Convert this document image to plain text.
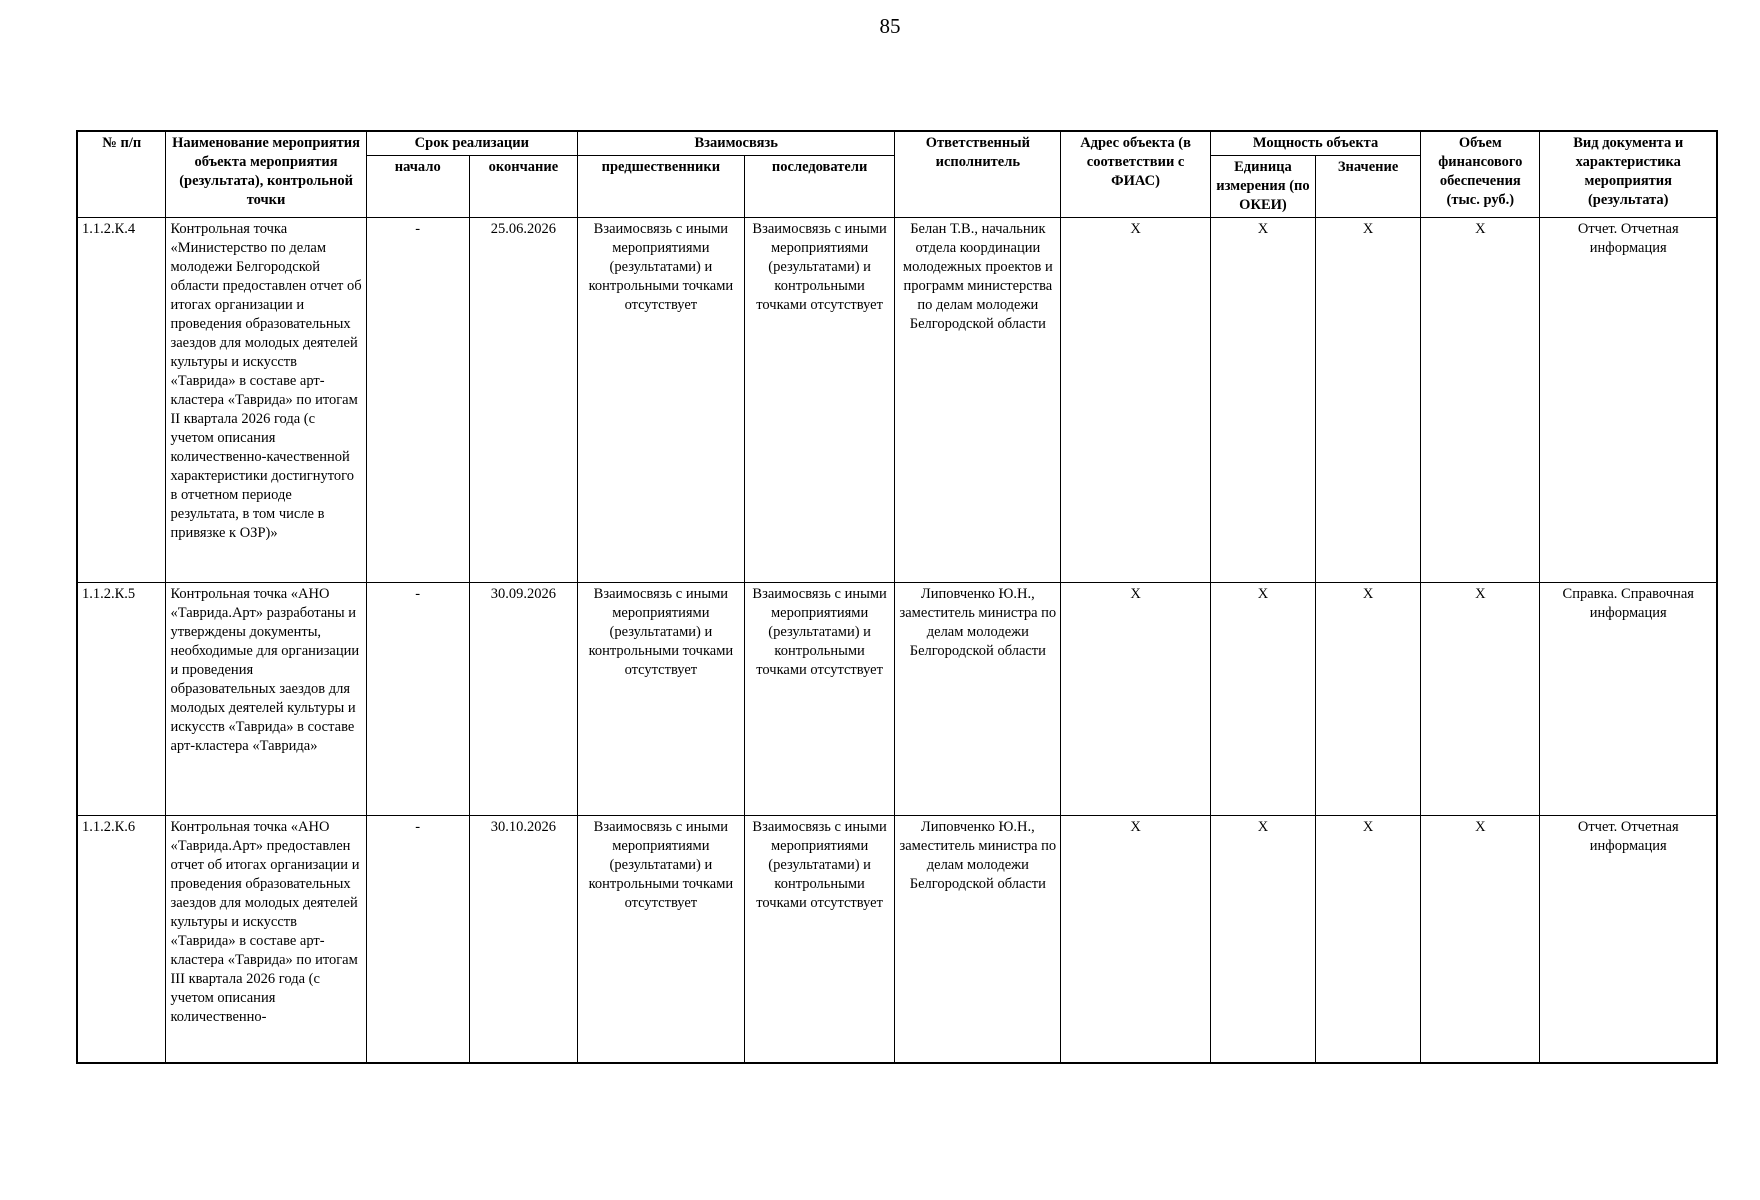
85
№ п/п	Наименование мероприятия объекта мероприятия (результата), контрольной точки	Срок реализации		Взаимосвязь		Ответственный исполнитель	Адрес объекта (в соответствии с ФИАС)	Мощность объекта		Объем финансового обеспечения (тыс. руб.)	Вид документа и характеристика мероприятия (результата)
		начало	окончание	предшественники	последователи			Единица измерения (по ОКЕИ)	Значение		
1.1.2.К.4	Контрольная точка «Министерство по делам молодежи Белгородской области предоставлен отчет об итогах организации и проведения образовательных заездов для молодых деятелей культуры и искусств «Таврида» в составе арт-кластера «Таврида» по итогам II квартала 2026 года (с учетом описания количественно-качественной характеристики достигнутого в отчетном периоде результата, в том числе в привязке к ОЗР)»	-	25.06.2026	Взаимосвязь с иными мероприятиями (результатами) и контрольными точками отсутствует	Взаимосвязь с иными мероприятиями (результатами) и контрольными точками отсутствует	Белан Т.В., начальник отдела координации молодежных проектов и программ министерства по делам молодежи Белгородской области	X	X	X	X	Отчет. Отчетная информация
1.1.2.К.5	Контрольная точка «АНО «Таврида.Арт» разработаны и утверждены документы, необходимые для организации и проведения образовательных заездов для молодых деятелей культуры и искусств «Таврида» в составе арт-кластера «Таврида»	-	30.09.2026	Взаимосвязь с иными мероприятиями (результатами) и контрольными точками отсутствует	Взаимосвязь с иными мероприятиями (результатами) и контрольными точками отсутствует	Липовченко Ю.Н., заместитель министра по делам молодежи Белгородской области	X	X	X	X	Справка. Справочная информация
1.1.2.К.6	Контрольная точка «АНО «Таврида.Арт» предоставлен отчет об итогах организации и проведения образовательных заездов для молодых деятелей культуры и искусств «Таврида» в составе арт-кластера «Таврида» по итогам III квартала 2026 года (с учетом описания количественно-	-	30.10.2026	Взаимосвязь с иными мероприятиями (результатами) и контрольными точками отсутствует	Взаимосвязь с иными мероприятиями (результатами) и контрольными точками отсутствует	Липовченко Ю.Н., заместитель министра по делам молодежи Белгородской области	X	X	X	X	Отчет. Отчетная информация
